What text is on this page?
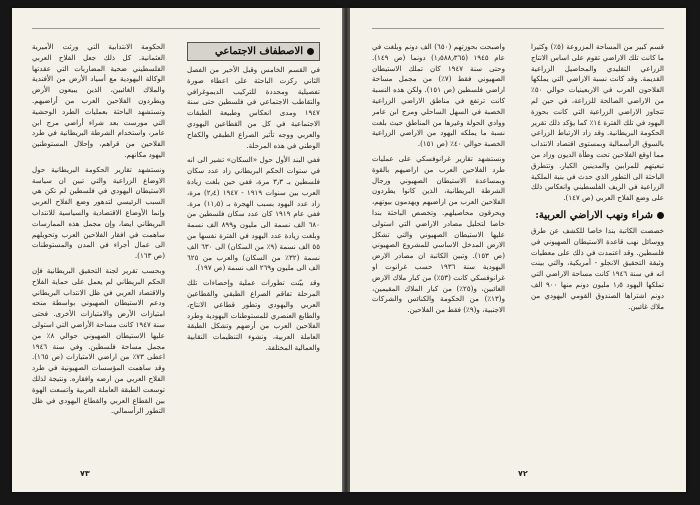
الاصطفاف الاجتماعي

في القسم الخامس وقبل الأخير من الفصل الثاني ركزت الباحثة على اعطاء صورة تفصيلية ومحددة للتركيب الديموغرافي والتقاطب الاجتماعي في فلسطين حتى سنة ١٩٤٧ ومدى انعكاس وطبيعة الطبقات الاجتماعية في كل من القطاعين اليهودي والعربي ووجه تأثير الصراع الطبقي والكفاح الوطني في هذه المرحلة.

ففي البند الأول حول «السكان» تشير الى انه في سنوات الحكم البريطاني زاد عدد سكان فلسطين بـ ٣٫٣ مرة، ففي حين بلغت زيادة العرب بين سنوات ١٩١٩ - ١٩٤٧ (٢٫٤) مرة، زاد عدد اليهود بسبب الهجرة بـ (١١٫٥) مرة. ففي عام ١٩١٩ كان عدد سكان فلسطين من ٦٨٠ الف نسمة الى مليون و٨٩٩ الف نسمة وبلغت زيادة عدد اليهود في الفترة نفسها من ٥٥ الف نسمة (٩٪ من السكان) الى ٦٣٠ الف نسمة (٣٢٪ من السكان) والعرب من ٦٢٥ الف الى مليون و٢٦٩ الف نسمة (ص ١٩٧).

وقد بيّنت تطورات عملية وإحصاءات تلك المرحلة تفاقم الصراع الطبقي والقطاعين العربي واليهودي وتطور قطاعي الانتاج، والطابع العنصري للمستوطنات اليهودية وطرد الفلاحين العرب من أرضهم وتشكل الطبقة العاملة العربية، ونشوء التنظيمات النقابية والعمالية المختلفة.

الحكومة الانتدابية التي ورثت الأميرية العثمانية. كل ذلك جعل الفلاح العربي الفلسطيني ضحية المضاربات التي عقدتها الوكالة اليهودية مع أسياد الأرض من الأفندية والملاك الغائبين، الذين يبيعون الأرض ويطردون الفلاحين العرب من أراضيهم. وتستشهد الباحثة بعمليات الطرد الوحشية التي مورست بعد شراء أراضي مرج ابن عامر، واستخدام الشرطة البريطانية في طرد الفلاحين من قراهم، وإحلال المستوطنين اليهود مكانهم.

ونستشهد تقارير الحكومة البريطانية حول الاوضاع الزراعية والتي تبين ان سياسة الاستيطان اليهودي في فلسطين لم تكن هي السبب الرئيسي لتدهور وضع الفلاح العربي وإنما الأوضاع الاقتصادية والسياسية للانتداب البريطاني ايضا، وإن مجمل هذه الممارسات ساهمت في افقار الفلاحين العرب وتحويلهم الى عمال أجراء في المدن والمستوطنات (ص ١٦٣).

وبحسب تقرير لجنة التحقيق البريطانية فإن الحكم البريطاني لم يعمل على حماية الفلاح والاقتصاد العربي في ظل الانتداب البريطاني ودعم الاستيطان الصهيوني بواسطة منحه امتيازات الأرض والامتيازات الأخرى. فحتى سنة ١٩٤٧ كانت مساحة الأراضي التي استولى عليها الاستيطان الصهيوني حوالي ٨٪ من مجمل مساحة فلسطين. وفي سنة ١٩٤٦ اعطى ٧٣٪ من اراضي الامتيازات (ص ١٦٥). وقد ساهمت المؤسسات الصهيونية في طرد الفلاح العربي من ارضه وافقاره. ونتيجة لذلك توسعت الطبقة العاملة العربية واتسعت الهوة بين القطاع العربي والقطاع اليهودي في ظل التطور الرأسمالي.

٧٣

قسم كبير من المساحة المزروعة (٥٪) وكثيرا ما كانت تلك الاراضي تقوم على اساس الانتاج الزراعي التقليدي والمحاصيل الزراعية القديمة. وقد كانت نسبة الاراضي التي يملكها الفلاحون العرب في الاربعينيات حوالي ٥٠٪ من الاراضي الصالحة للزراعة، في حين لم تتجاوز الاراضي الزراعية التي كانت بحوزة اليهود في تلك الفترة ١٤٪ كما يؤكد ذلك تقرير الحكومة البريطانية. وقد زاد الارتباط الزراعي بالسوق الرأسمالية وبمستوى اقتصاد الانتداب مما اوقع الفلاحين تحت وطأة الديون وزاد من تبعيتهم للمرابين والمدينين الكبار. وتتطرق الباحثة الى التطور الذي حدث في بنية الملكية الزراعية في الريف الفلسطيني وانعكاس ذلك على وضع الفلاح العربي (ص ١٤٧).

شراء ونهب الاراضي العربية:

خصصت الكاتبة بندا خاصا للكشف عن طرق ووسائل نهب قاعدة الاستيطان الصهيوني في فلسطين. وقد اعتمدت في ذلك على معطيات وثيقة التحقيق الانجلو - أمريكية، والتي بينت انه في سنة ١٩٤٦ كانت مساحة الاراضي التي تملكها اليهود ١٫٥ مليون دونم منها ٩٠٠ الف دونم اشتراها الصندوق القومي اليهودي من ملاك غائبين.

واصبحت بحوزتهم (٦٥٠) الف دونم وبلغت في عام ١٩٤٥ (١٫٥٨٨٫٣٦٥) دونما (ص ١٤٩). وحتى سنة ١٩٤٧ كان تملك الاستيطان الصهيوني فقط (٧٪) من مجمل مساحة اراضي فلسطين (ص ١٥١). ولكن هذه النسبة كانت ترتفع في مناطق الاراضي الزراعية الخصبة في السهل الساحلي ومرج ابن عامر ووادي الحولة وغيرها من المناطق حيث بلغت نسبة ما يملكه اليهود من الاراضي الزراعية الخصبة حوالي ٤٠٪ (ص ١٥١).

ونستشهد تقارير غرانوفسكي على عمليات طرد الفلاحين العرب من اراضيهم بالقوة وبمساعدة الاستيطان الصهيوني ورجال الشرطة البريطانية، الذين كانوا يطردون الفلاحين العرب من اراضيهم ويهدمون بيوتهم، ويحرقون محاصيلهم. وتخصص الباحثة بندا خاصا لتحليل مصادر الاراضي التي استولى عليها الاستيطان الصهيوني والتي تشكل الارض المدخل الاساسي للمشروع الصهيوني (ص ١٥٣). وتبين الكاتبة ان مصادر الارض اليهودية سنة ١٩٣٦ حسب غرانوت او غرانوفسكي كانت (٥٣٪) من كبار ملاك الارض الغائبين، و(٢٥٪) من كبار الملاك المقيمين، و(١٣٪) من الحكومة والكنائس والشركات الاجنبية، و(٩٪) فقط من الفلاحين.

٧٢
